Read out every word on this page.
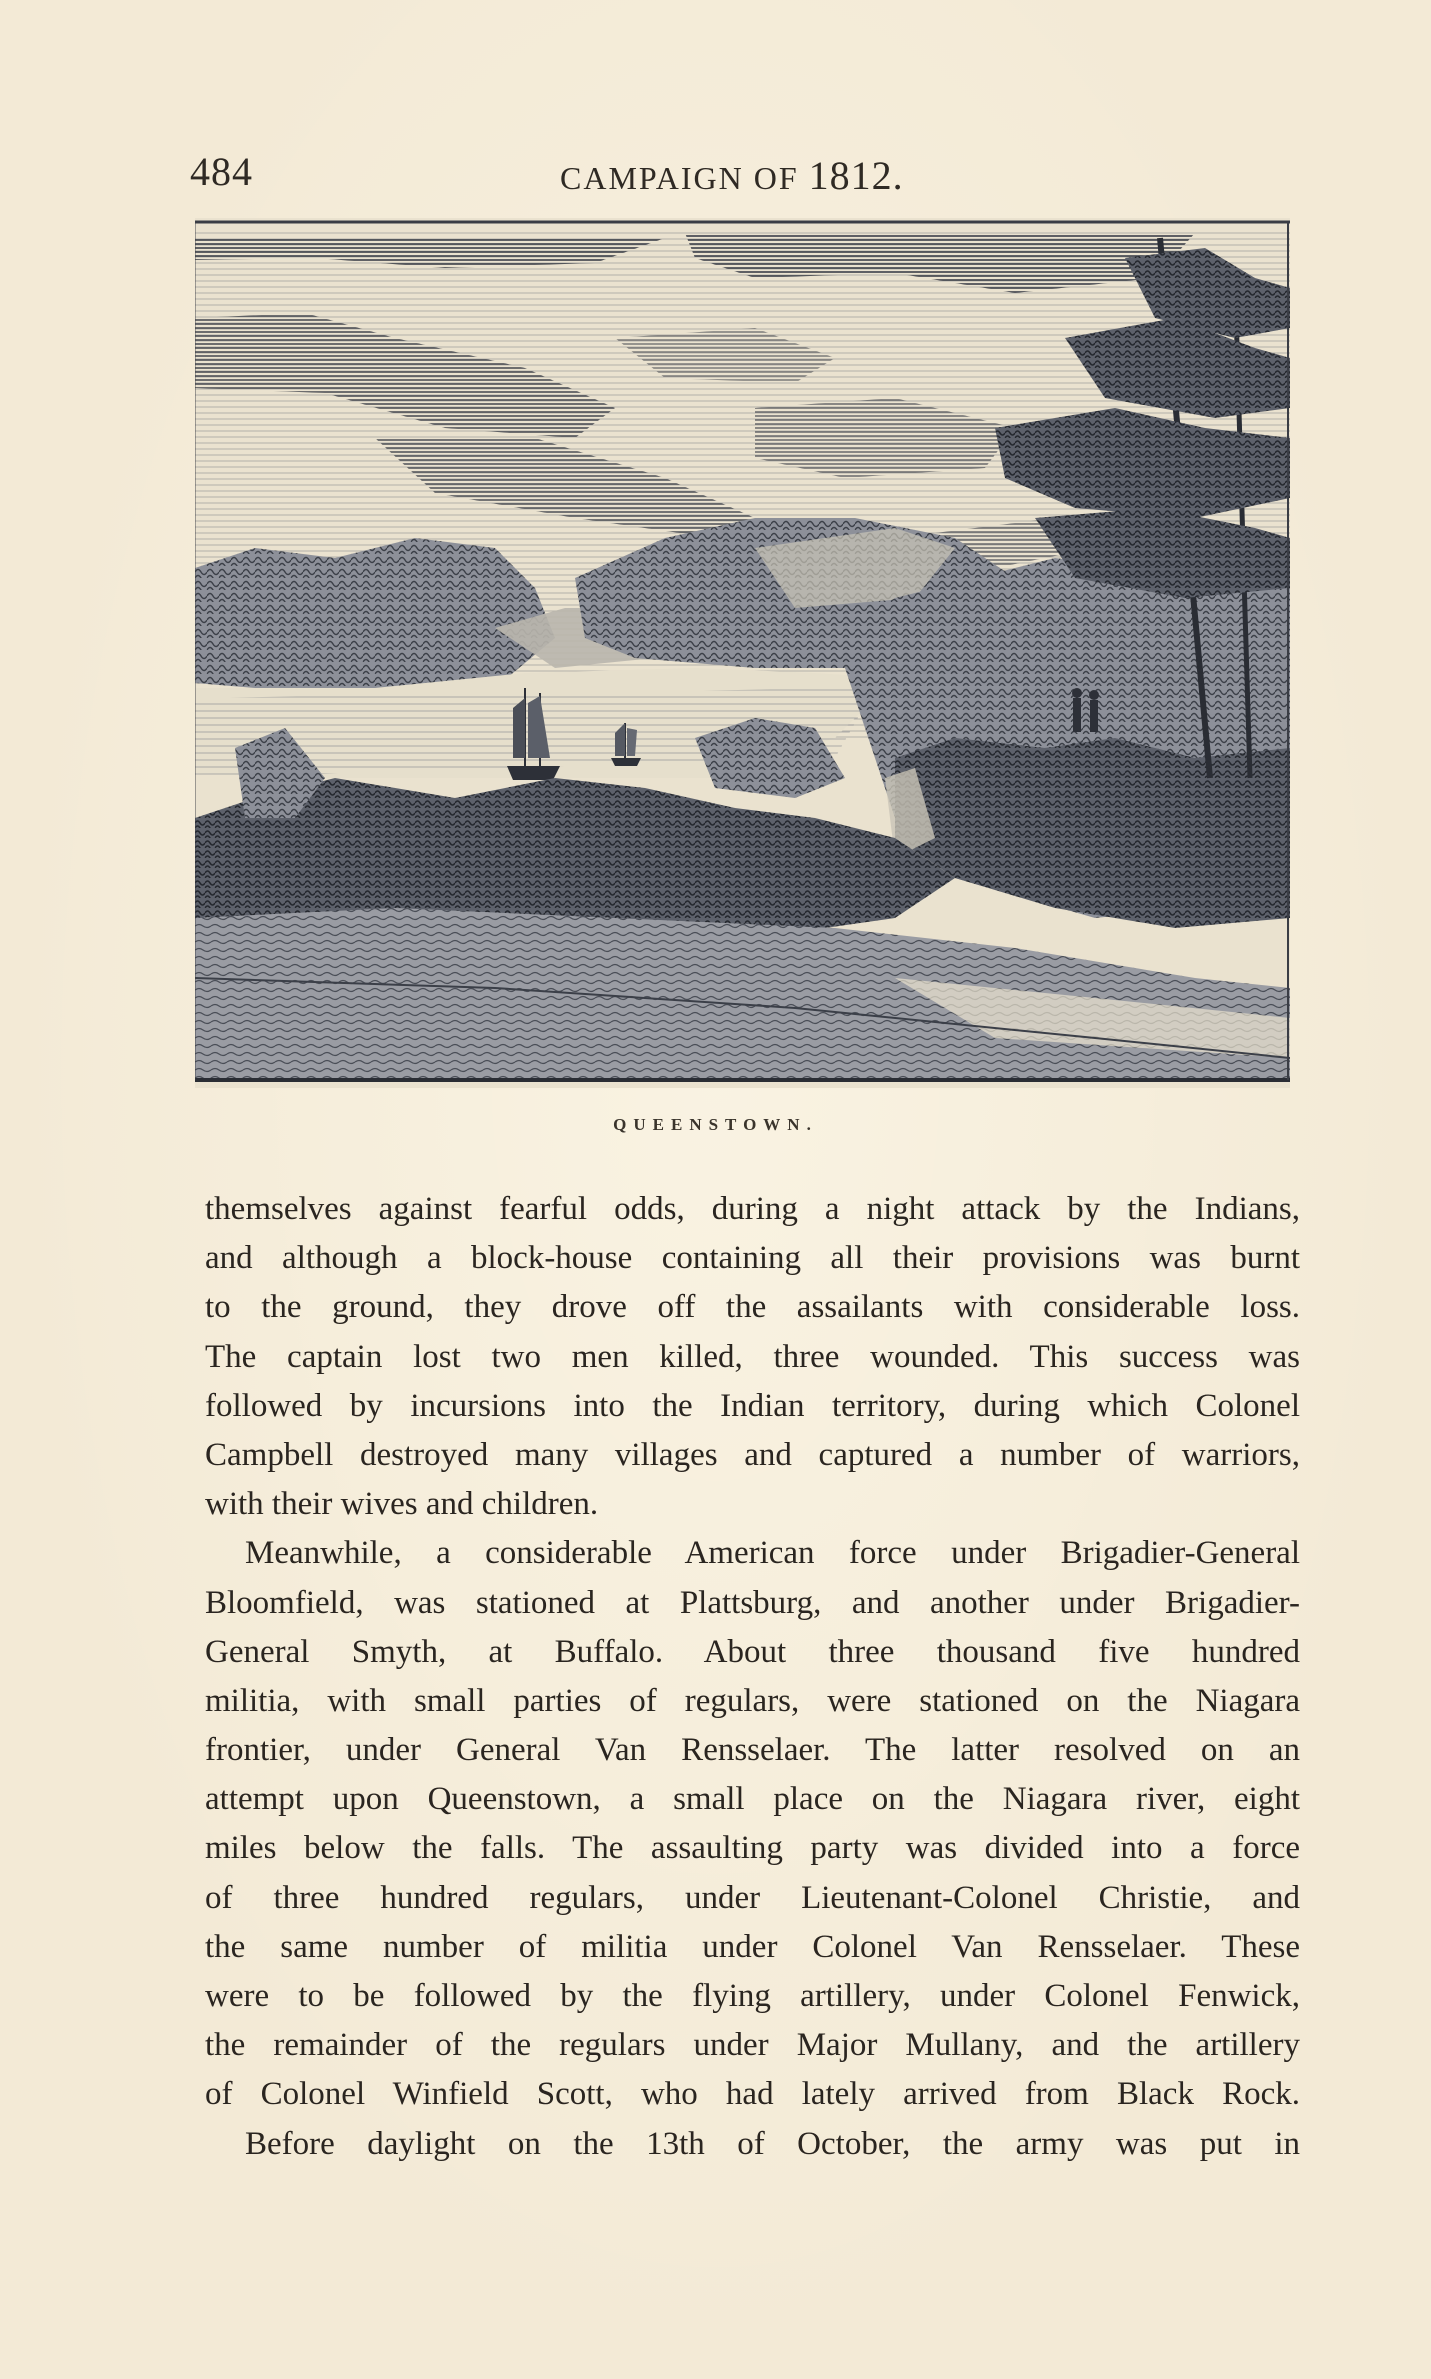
484	CAMPAIGN OF 1812.
QUEENSTOWN.
themselves against fearful odds, during a night attack by the Indians,
and although a block-house containing all their provisions was burnt
to the ground, they drove off the assailants with considerable loss.
The captain lost two men killed, three wounded. This success was
followed by incursions into the Indian territory, during which Colonel
Campbell destroyed many villages and captured a number of warriors,
with their wives and children.
Meanwhile, a considerable American force under Brigadier-General
Bloomfield, was stationed at Plattsburg, and another under Brigadier-
General Smyth, at Buffalo. About three thousand five hundred
militia, with small parties of regulars, were stationed on the Niagara
frontier, under General Van Rensselaer. The latter resolved on an
attempt upon Queenstown, a small place on the Niagara river, eight
miles below the falls. The assaulting party was divided into a force
of three hundred regulars, under Lieutenant-Colonel Christie, and
the same number of militia under Colonel Van Rensselaer. These
were to be followed by the flying artillery, under Colonel Fenwick,
the remainder of the regulars under Major Mullany, and the artillery
of Colonel Winfield Scott, who had lately arrived from Black Rock.
Before daylight on the 13th of October, the army was put in
